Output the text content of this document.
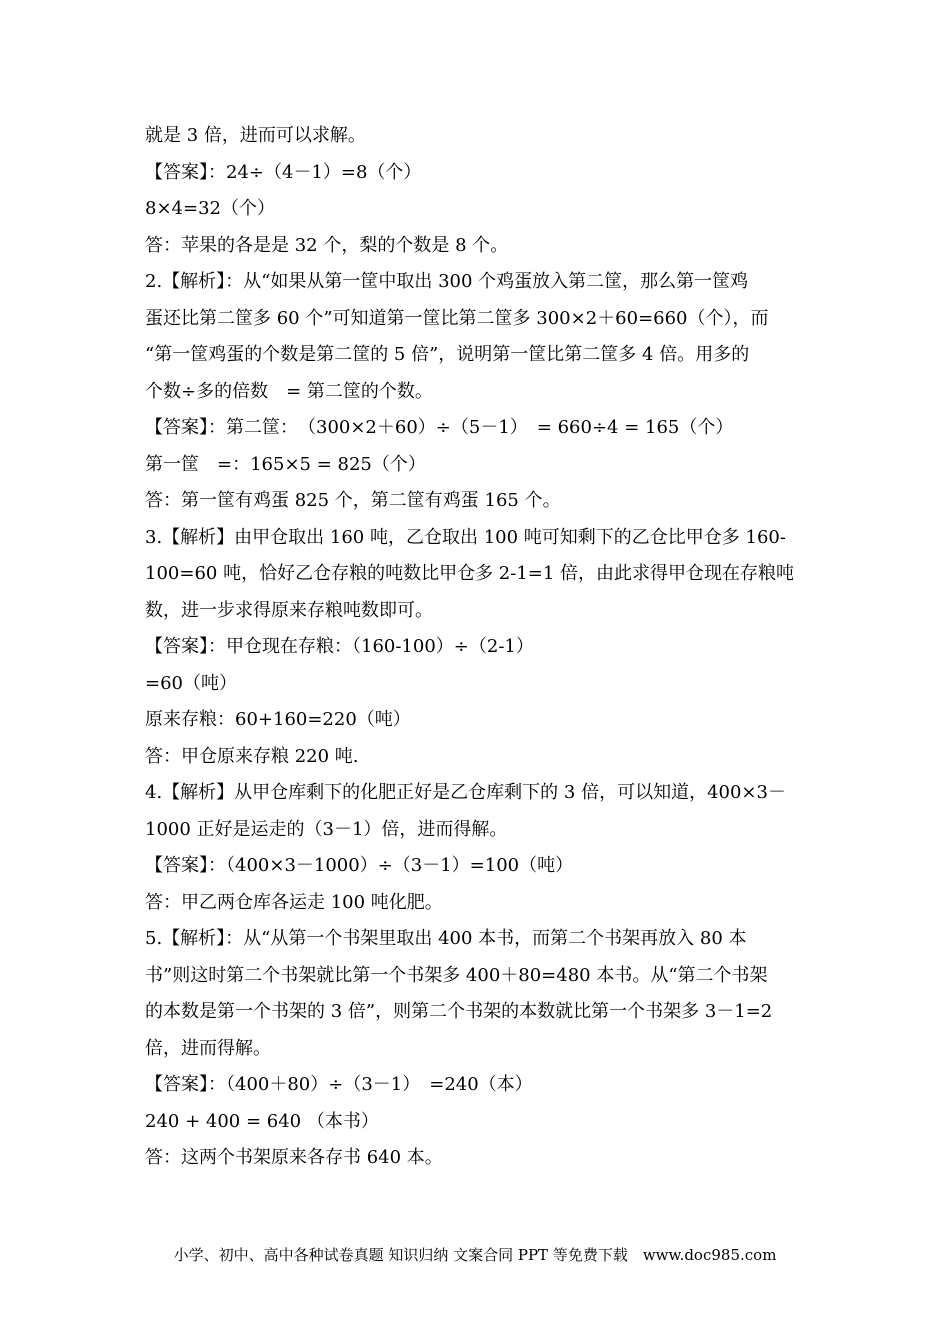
就是 3 倍，进而可以求解。

【答案】：24÷（4－1）=8（个）

8×4=32（个）

答：苹果的各是是 32 个，梨的个数是 8 个。

2.【解析】：从“如果从第一筐中取出 300 个鸡蛋放入第二筐，那么第一筐鸡

蛋还比第二筐多 60 个”可知道第一筐比第二筐多 300×2＋60=660（个），而

“第一筐鸡蛋的个数是第二筐的 5 倍”，说明第一筐比第二筐多 4 倍。用多的

个数÷多的倍数　= 第二筐的个数。

【答案】：第二筐：　（300×2＋60）÷（5－1）　= 660÷4 = 165（个）

第一筐　=：165×5 = 825（个）

答：第一筐有鸡蛋 825 个，第二筐有鸡蛋 165 个。

3.【解析】由甲仓取出 160 吨，乙仓取出 100 吨可知剩下的乙仓比甲仓多 160-

100=60 吨，恰好乙仓存粮的吨数比甲仓多 2-1=1 倍，由此求得甲仓现在存粮吨

数，进一步求得原来存粮吨数即可。

【答案】：甲仓现在存粮：（160-100）÷（2-1）

=60（吨）

原来存粮：60+160=220（吨）

答：甲仓原来存粮 220 吨.

4.【解析】从甲仓库剩下的化肥正好是乙仓库剩下的 3 倍，可以知道，400×3－

1000 正好是运走的（3－1）倍，进而得解。

【答案】：（400×3－1000）÷（3－1）=100（吨）

答：甲乙两仓库各运走 100 吨化肥。

5.【解析】：从“从第一个书架里取出 400 本书，而第二个书架再放入 80 本

书”则这时第二个书架就比第一个书架多 400＋80=480 本书。从“第二个书架

的本数是第一个书架的 3 倍”，则第二个书架的本数就比第一个书架多 3－1=2

倍，进而得解。

【答案】：（400＋80）÷（3－1）　=240（本）

240 + 400 = 640 （本书）

答：这两个书架原来各存书 640 本。

小学、初中、高中各种试卷真题 知识归纳 文案合同 PPT 等免费下载　www.doc985.com
